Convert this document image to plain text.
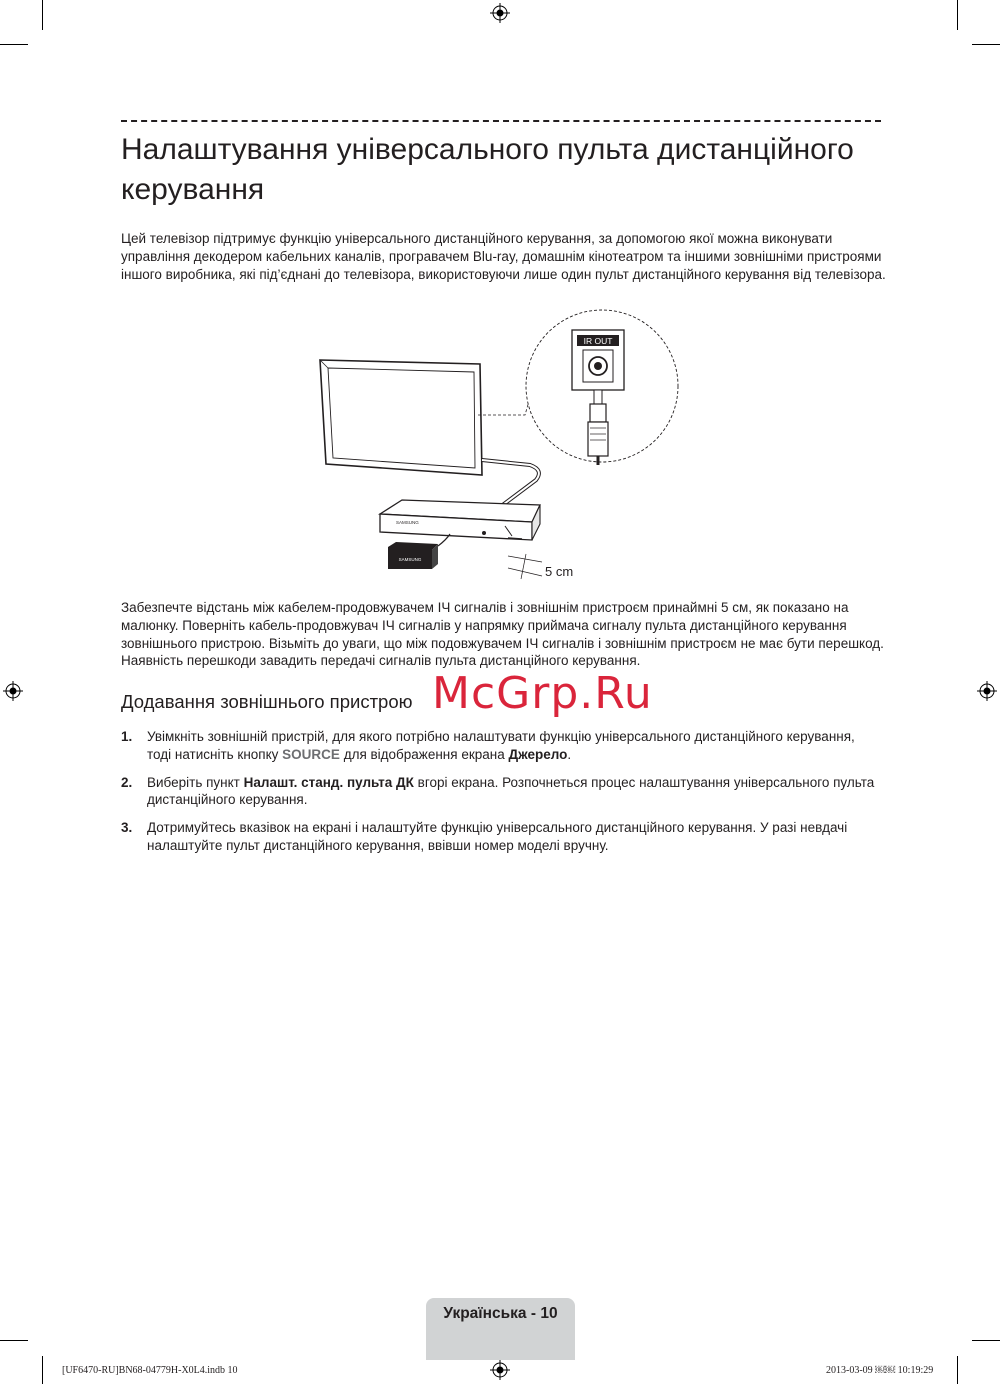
Налаштування універсального пульта дистанційного керування

Цей телевізор підтримує функцію універсального дистанційного керування, за допомогою якої можна виконувати управління декодером кабельних каналів, програвачем Blu-ray, домашнім кінотеатром та іншими зовнішніми пристроями іншого виробника, які під’єднані до телевізора, використовуючи лише один пульт дистанційного керування від телевізора.

IR OUT
SAMSUNG
SAMSUNG
5 cm

Забезпечте відстань між кабелем-продовжувачем ІЧ сигналів і зовнішнім пристроєм принаймні 5 см, як показано на малюнку. Поверніть кабель-продовжувач ІЧ сигналів у напрямку приймача сигналу пульта дистанційного керування зовнішнього пристрою. Візьміть до уваги, що між подовжувачем ІЧ сигналів і зовнішнім пристроєм не має бути перешкод. Наявність перешкоди завадить передачі сигналів пульта дистанційного керування.

Додавання зовнішнього пристрою
1. Увімкніть зовнішній пристрій, для якого потрібно налаштувати функцію універсального дистанційного керування, тоді натисніть кнопку SOURCE для відображення екрана Джерело.
2. Виберіть пункт Налашт. станд. пульта ДК вгорі екрана. Розпочнеться процес налаштування універсального пульта дистанційного керування.
3. Дотримуйтесь вказівок на екрані і налаштуйте функцію універсального дистанційного керування. У разі невдачі налаштуйте пульт дистанційного керування, ввівши номер моделі вручну.
McGrp.Ru
Українська - 10
[UF6470-RU]BN68-04779H-X0L4.indb 10	2013-03-09 ￼￼ 10:19:29
